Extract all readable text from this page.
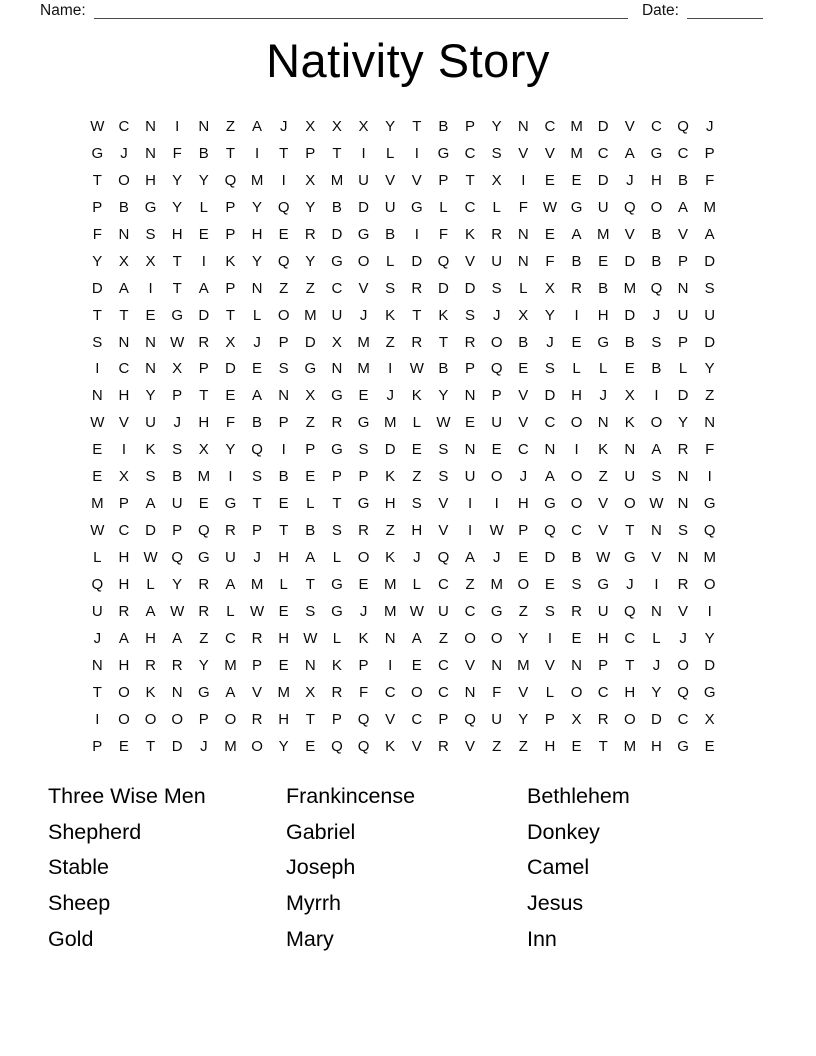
Name:	Date:
Nativity Story
W C	N	I	N	Z	A	J	X	X	X	Y	T	B	P	Y	N	C M D	V	C	Q	J
G	J	N	F	B	T	I	T	P	T	I	L	I	G	C	S	V	V	M C	A	G	C	P
T	O	H	Y	Y	Q M	I	X	M U	V	V	P	T	X	I	E	E	D	J	H	B	F
P	B	G	Y	L	P	Y	Q	Y	B	D	U	G	L	C	L	F W G	U	Q O	A	M
F	N	S	H	E	P	H	E	R	D	G	B	I	F	K	R	N	E	A	M	V	B	V	A
Y	X	X	T	I	K	Y	Q	Y	G O	L	D	Q	V	U	N	F	B	E	D	B	P	D
D	A	I	T	A	P	N	Z	Z	C	V	S	R	D	D	S	L	X	R	B	M Q	N	S
T	T	E	G	D	T	L	O M U	J	K	T	K	S	J	X	Y	I	H	D	J	U	U
S	N	N W R	X	J	P	D	X	M	Z	R	T	R	O	B	J	E	G	B	S	P	D
I	C	N	X	P	D	E	S	G	N M	I	W B	P	Q	E	S	L	L	E	B	L	Y
N	H	Y	P	T	E	A	N	X	G	E	J	K	Y	N	P	V	D	H	J	X	I	D	Z
W V	U	J	H	F	B	P	Z	R	G M	L	W E	U	V	C	O	N	K	O	Y	N
E	I	K	S	X	Y	Q	I	P	G	S	D	E	S	N	E	C	N	I	K	N	A	R	F
E	X	S	B	M	I	S	B	E	P	P	K	Z	S	U	O	J	A	O	Z	U	S	N	I
M	P	A	U	E	G	T	E	L	T	G	H	S	V	I	I	H	G O	V	O W N	G
W C	D	P	Q	R	P	T	B	S	R	Z	H	V	I	W P	Q	C	V	T	N	S	Q
L	H W Q G	U	J	H	A	L	O	K	J	Q	A	J	E	D	B W G	V	N M
Q	H	L	Y	R	A	M	L	T	G	E	M	L	C	Z	M O	E	S	G	J	I	R	O
U	R	A W R	L	W E	S	G	J	M W U	C	G	Z	S	R	U	Q	N	V	I
J	A	H	A	Z	C	R	H W	L	K	N	A	Z	O O	Y	I	E	H	C	L	J	Y
N	H	R	R	Y	M	P	E	N	K	P	I	E	C	V	N M	V	N	P	T	J	O	D
T	O	K	N	G	A	V	M	X	R	F	C	O	C	N	F	V	L	O	C	H	Y	Q G
I	O O O	P	O	R	H	T	P	Q	V	C	P	Q	U	Y	P	X	R	O	D	C	X
P	E	T	D	J	M O	Y	E	Q Q	K	V	R	V	Z	Z	H	E	T	M H	G	E
Three Wise Men
Shepherd
Stable
Sheep
Gold
Frankincense
Gabriel
Joseph
Myrrh
Mary
Bethlehem
Donkey
Camel
Jesus
Inn
